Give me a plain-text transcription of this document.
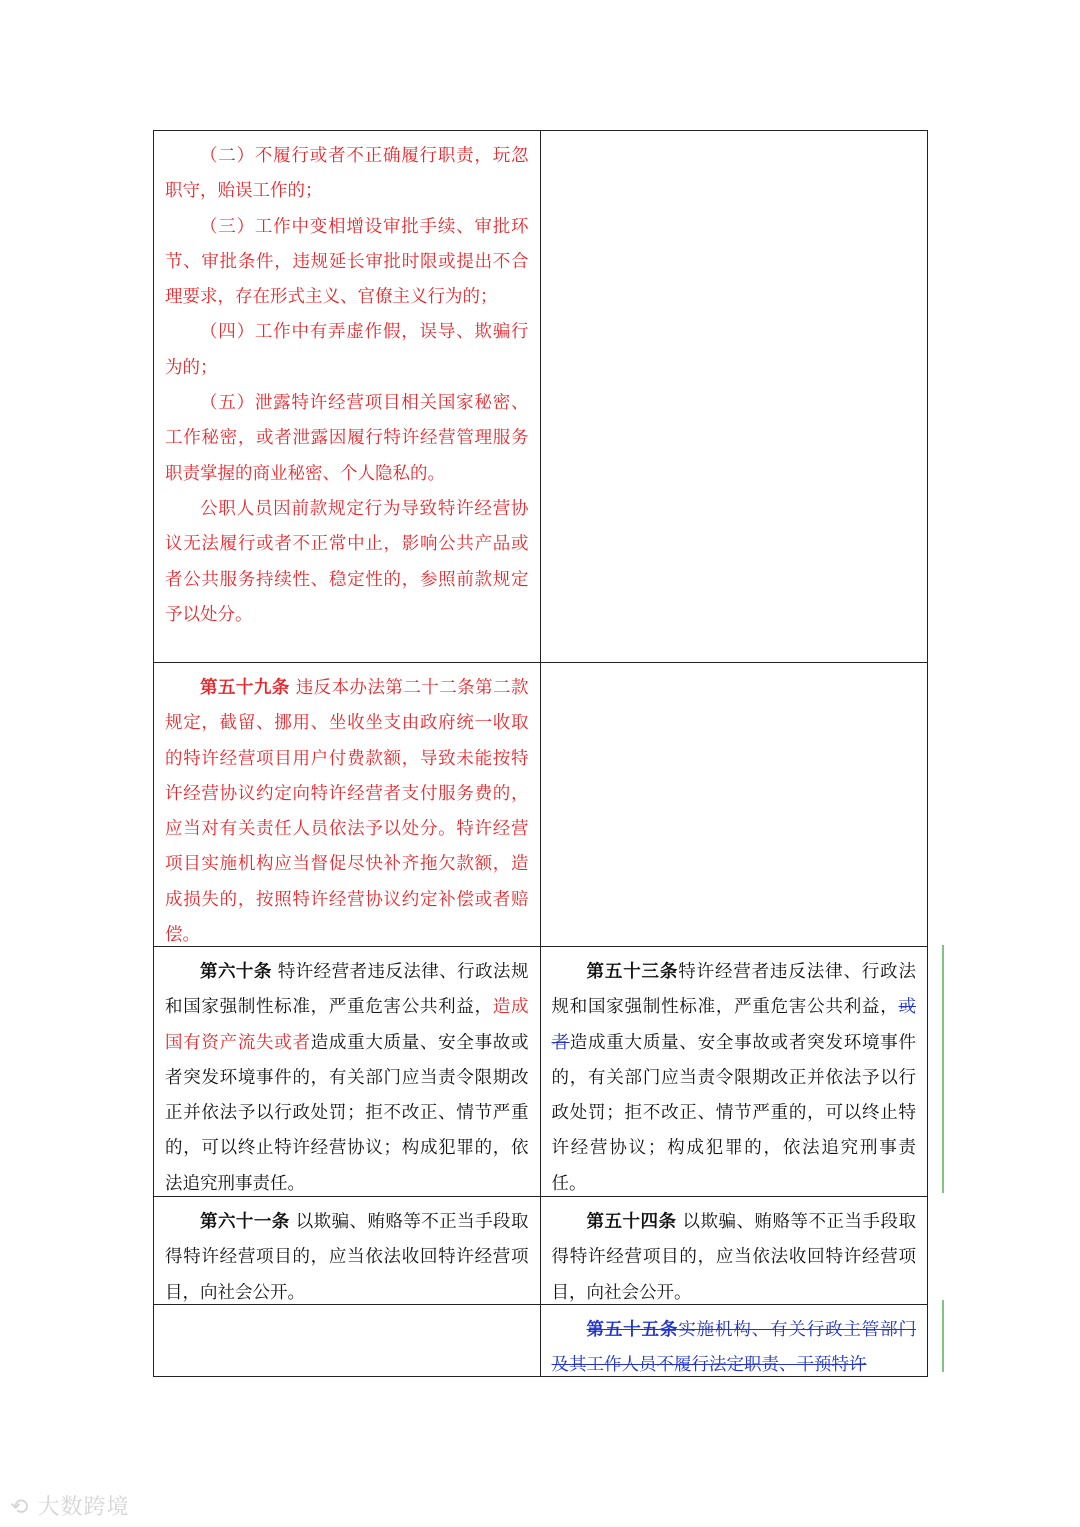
（二）不履行或者不正确履行职责，玩忽职守，贻误工作的；

（三）工作中变相增设审批手续、审批环节、审批条件，违规延长审批时限或提出不合理要求，存在形式主义、官僚主义行为的；

（四）工作中有弄虚作假，误导、欺骗行为的；

（五）泄露特许经营项目相关国家秘密、工作秘密，或者泄露因履行特许经营管理服务职责掌握的商业秘密、个人隐私的。

公职人员因前款规定行为导致特许经营协议无法履行或者不正常中止，影响公共产品或者公共服务持续性、稳定性的，参照前款规定予以处分。

第五十九条 违反本办法第二十二条第二款规定，截留、挪用、坐收坐支由政府统一收取的特许经营项目用户付费款额，导致未能按特许经营协议约定向特许经营者支付服务费的，应当对有关责任人员依法予以处分。特许经营项目实施机构应当督促尽快补齐拖欠款额，造成损失的，按照特许经营协议约定补偿或者赔偿。

第六十条 特许经营者违反法律、行政法规和国家强制性标准，严重危害公共利益，造成国有资产流失或者造成重大质量、安全事故或者突发环境事件的，有关部门应当责令限期改正并依法予以行政处罚；拒不改正、情节严重的，可以终止特许经营协议；构成犯罪的，依法追究刑事责任。

第五十三条特许经营者违反法律、行政法规和国家强制性标准，严重危害公共利益，或者造成重大质量、安全事故或者突发环境事件的，有关部门应当责令限期改正并依法予以行政处罚；拒不改正、情节严重的，可以终止特许经营协议；构成犯罪的，依法追究刑事责任。

第六十一条 以欺骗、贿赂等不正当手段取得特许经营项目的，应当依法收回特许经营项目，向社会公开。

第五十四条 以欺骗、贿赂等不正当手段取得特许经营项目的，应当依法收回特许经营项目，向社会公开。

第五十五条实施机构、有关行政主管部门及其工作人员不履行法定职责、干预特许

⟲ 大数跨境
